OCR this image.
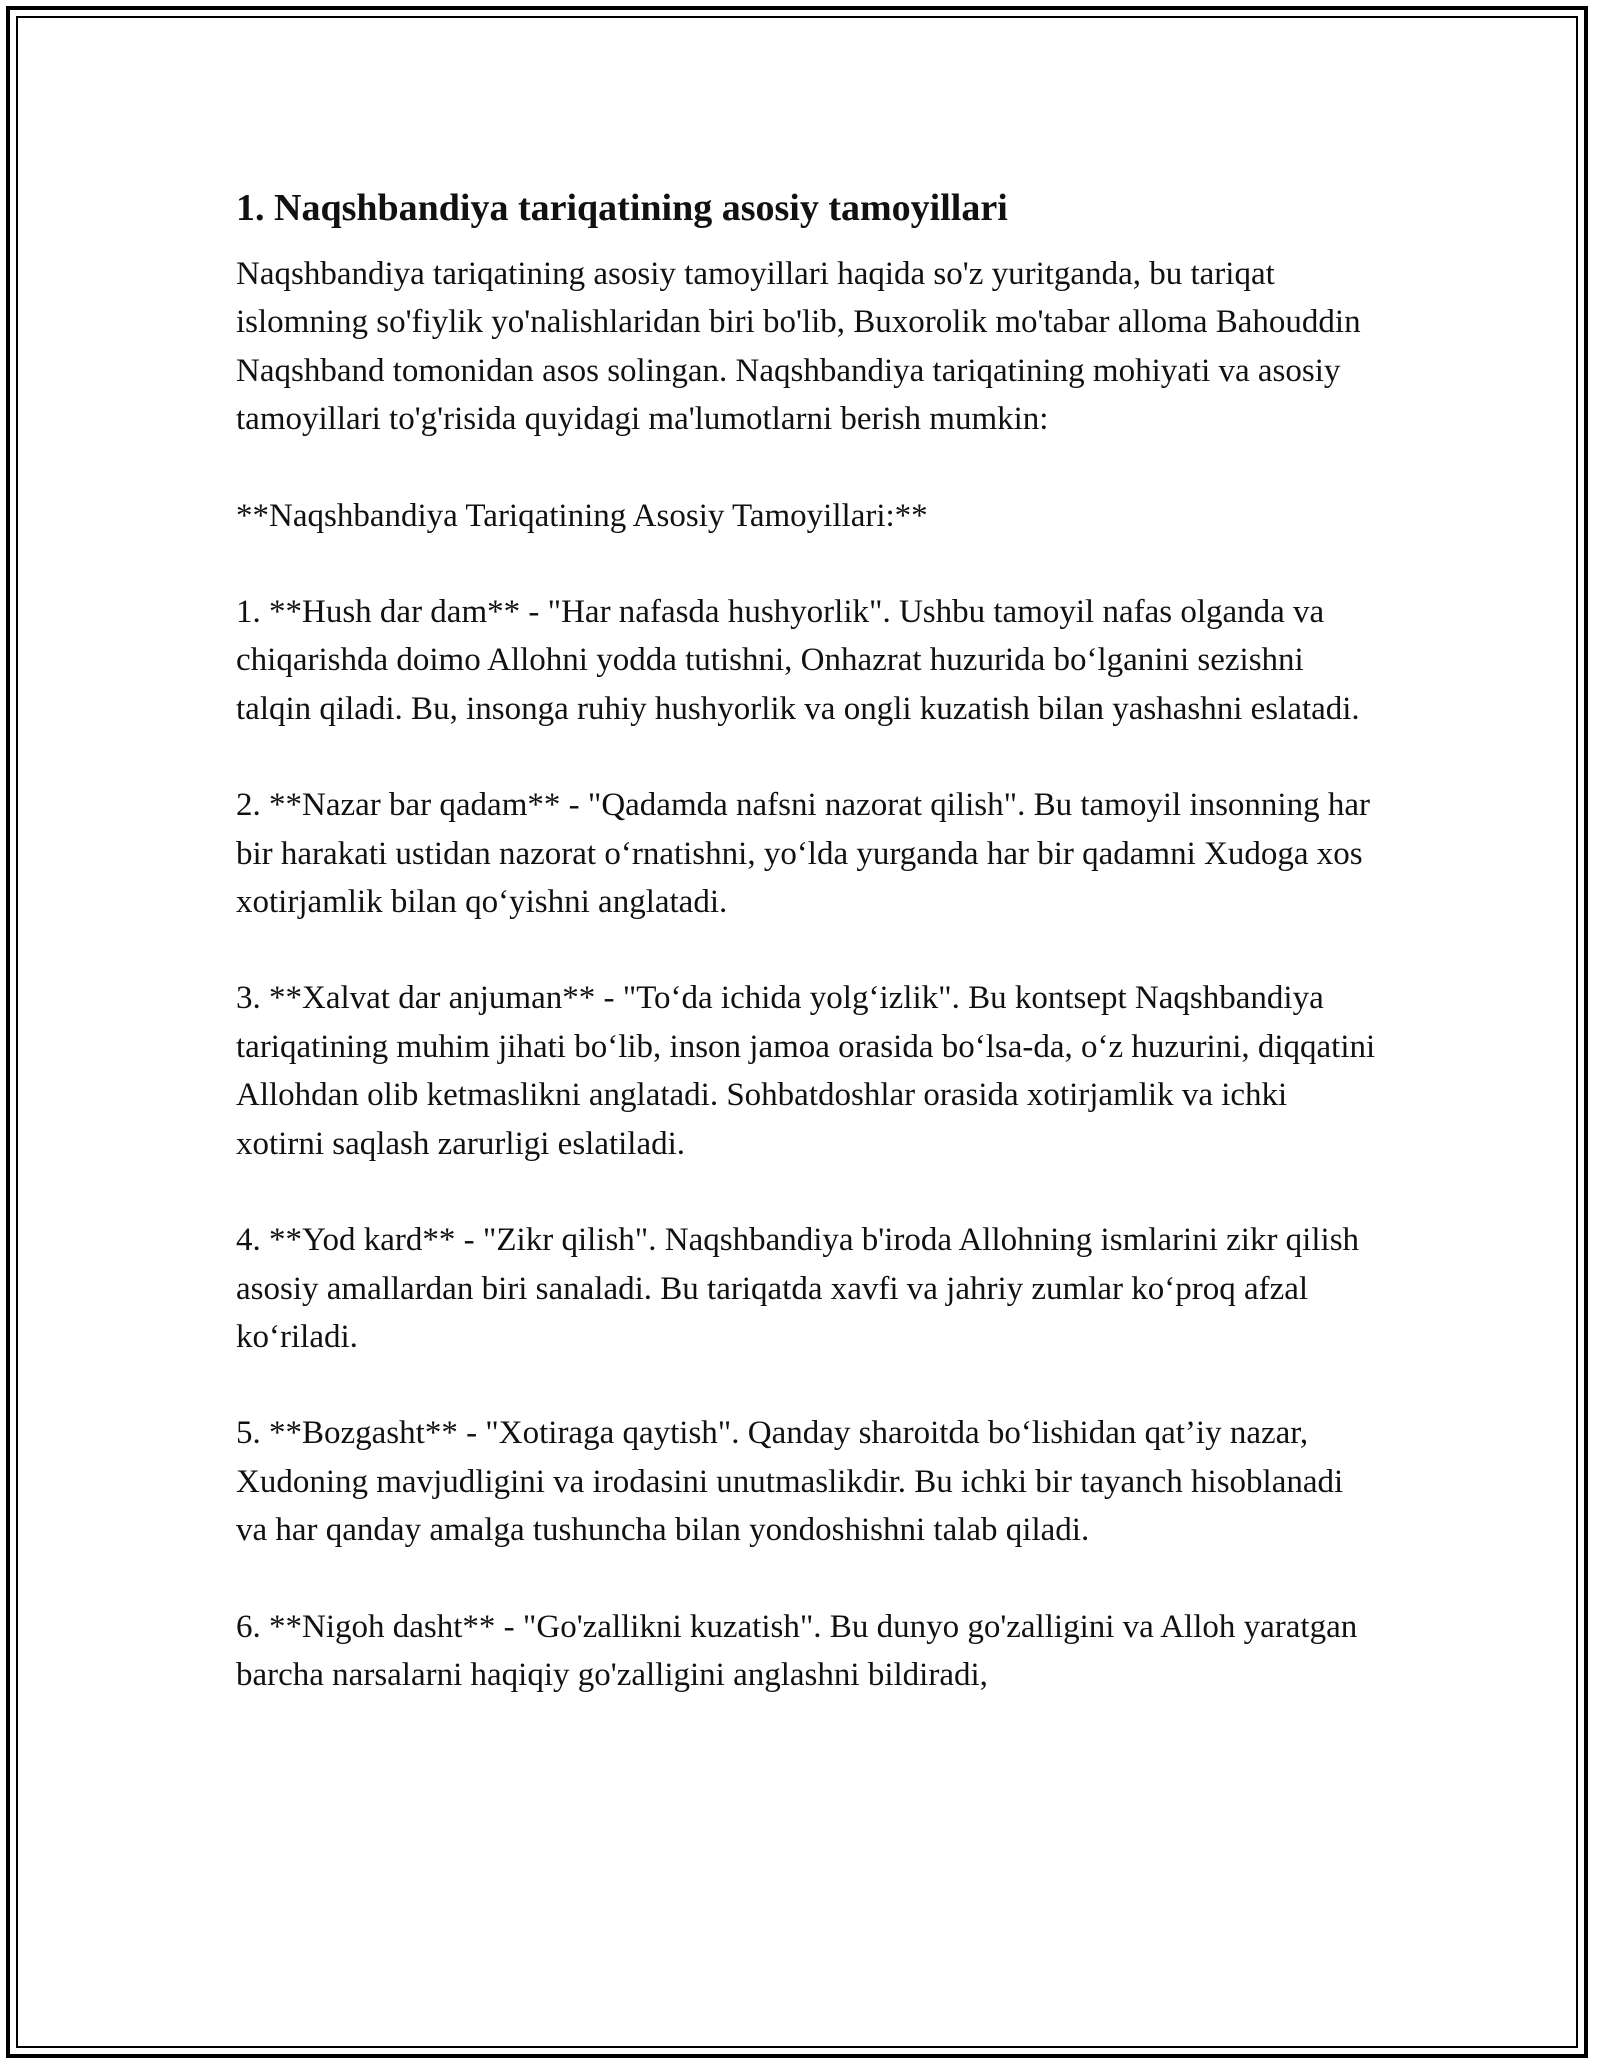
1. Naqshbandiya tariqatining asosiy tamoyillari

Naqshbandiya tariqatining asosiy tamoyillari haqida so'z yuritganda, bu tariqat islomning so'fiylik yo'nalishlaridan biri bo'lib, Buxorolik mo'tabar alloma Bahouddin Naqshband tomonidan asos solingan. Naqshbandiya tariqatining mohiyati va asosiy tamoyillari to'g'risida quyidagi ma'lumotlarni berish mumkin:

**Naqshbandiya Tariqatining Asosiy Tamoyillari:**

1. **Hush dar dam** - "Har nafasda hushyorlik". Ushbu tamoyil nafas olganda va chiqarishda doimo Allohni yodda tutishni, Onhazrat huzurida bo‘lganini sezishni talqin qiladi. Bu, insonga ruhiy hushyorlik va ongli kuzatish bilan yashashni eslatadi.

2. **Nazar bar qadam** - "Qadamda nafsni nazorat qilish". Bu tamoyil insonning har bir harakati ustidan nazorat o‘rnatishni, yo‘lda yurganda har bir qadamni Xudoga xos xotirjamlik bilan qo‘yishni anglatadi.

3. **Xalvat dar anjuman** - "To‘da ichida yolg‘izlik". Bu kontsept Naqshbandiya tariqatining muhim jihati bo‘lib, inson jamoa orasida bo‘lsa-da, o‘z huzurini, diqqatini Allohdan olib ketmaslikni anglatadi. Sohbatdoshlar orasida xotirjamlik va ichki xotirni saqlash zarurligi eslatiladi.

4. **Yod kard** - "Zikr qilish". Naqshbandiya b'iroda Allohning ismlarini zikr qilish asosiy amallardan biri sanaladi. Bu tariqatda xavfi va jahriy zumlar ko‘proq afzal ko‘riladi.

5. **Bozgasht** - "Xotiraga qaytish". Qanday sharoitda bo‘lishidan qat’iy nazar, Xudoning mavjudligini va irodasini unutmaslikdir. Bu ichki bir tayanch hisoblanadi va har qanday amalga tushuncha bilan yondoshishni talab qiladi.

6. **Nigoh dasht** - "Go'zallikni kuzatish". Bu dunyo go'zalligini va Alloh yaratgan barcha narsalarni haqiqiy go'zalligini anglashni bildiradi,
